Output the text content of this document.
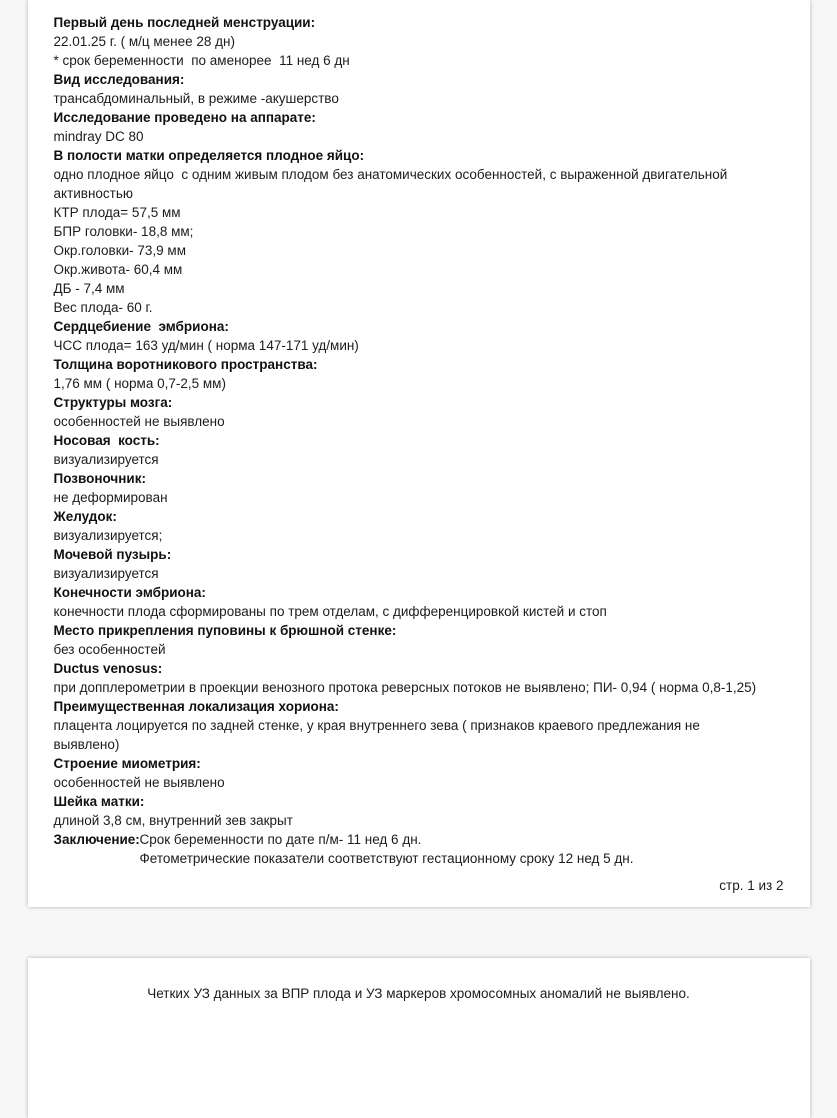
Первый день последней менструации:
22.01.25 г. ( м/ц менее 28 дн)
* срок беременности  по аменорее  11 нед 6 дн
Вид исследования:
трансабдоминальный, в режиме -акушерство
Исследование проведено на аппарате:
mindray DC 80
В полости матки определяется плодное яйцо:
одно плодное яйцо  с одним живым плодом без анатомических особенностей, с выраженной двигательной
активностью
КТР плода= 57,5 мм
БПР головки- 18,8 мм;
Окр.головки- 73,9 мм
Окр.живота- 60,4 мм
ДБ - 7,4 мм
Вес плода- 60 г.
Сердцебиение  эмбриона:
ЧСС плода= 163 уд/мин ( норма 147-171 уд/мин)
Толщина воротникового пространства:
1,76 мм ( норма 0,7-2,5 мм)
Структуры мозга:
особенностей не выявлено
Носовая  кость:
визуализируется
Позвоночник:
не деформирован
Желудок:
визуализируется;
Мочевой пузырь:
визуализируется
Конечности эмбриона:
конечности плода сформированы по трем отделам, с дифференцировкой кистей и стоп
Место прикрепления пуповины к брюшной стенке:
без особенностей
Ductus venosus:
при допплерометрии в проекции венозного протока реверсных потоков не выявлено; ПИ- 0,94 ( норма 0,8-1,25)
Преимущественная локализация хориона:
плацента лоцируется по задней стенке, у края внутреннего зева ( признаков краевого предлежания не
выявлено)
Строение миометрия:
особенностей не выявлено
Шейка матки:
длиной 3,8 см, внутренний зев закрыт
Заключение: Срок беременности по дате п/м- 11 нед 6 дн.
Фетометрические показатели соответствуют гестационному сроку 12 нед 5 дн.
стр. 1 из 2
Четких УЗ данных за ВПР плода и УЗ маркеров хромосомных аномалий не выявлено.
